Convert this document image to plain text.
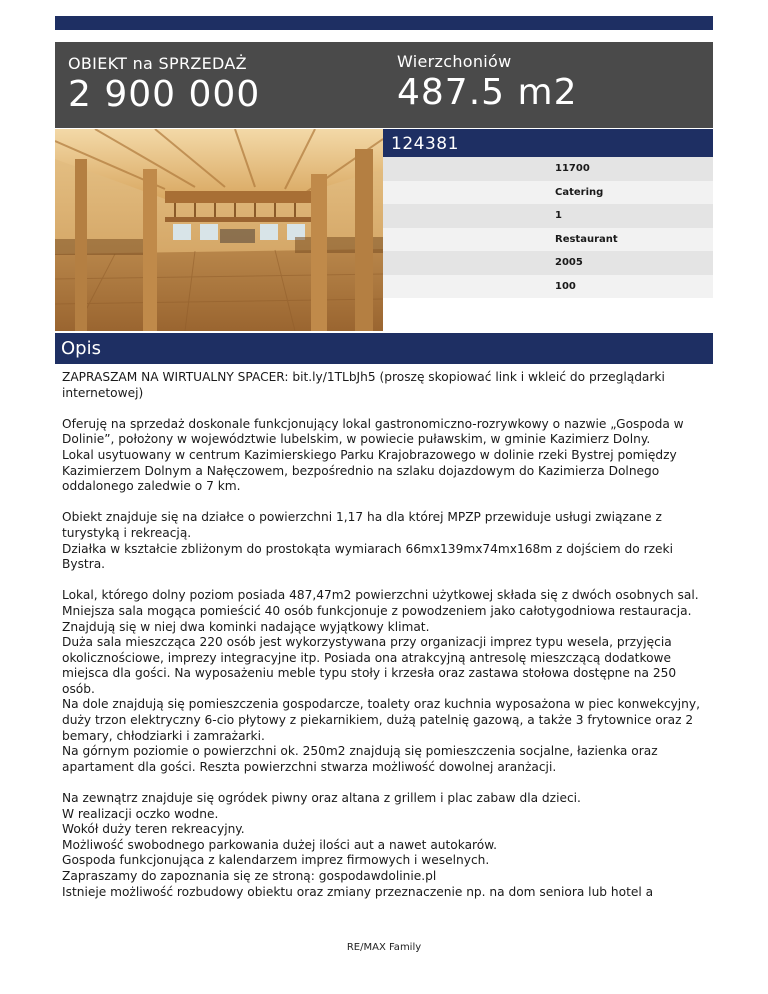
OBIEKT na SPRZEDAŻ
2 900 000
Wierzchoniów
487.5 m2
124381
11700
Catering
1
Restaurant
2005
100
Opis

ZAPRASZAM NA WIRTUALNY SPACER: bit.ly/1TLbJh5 (proszę skopiować link i wkleić do przeglądarki internetowej)

Oferuję na sprzedaż doskonale funkcjonujący lokal gastronomiczno-rozrywkowy o nazwie „Gospoda w Dolinie”, położony w województwie lubelskim, w powiecie puławskim, w gminie Kazimierz Dolny.
Lokal usytuowany w centrum Kazimierskiego Parku Krajobrazowego w dolinie rzeki Bystrej pomiędzy Kazimierzem Dolnym a Nałęczowem, bezpośrednio na szlaku dojazdowym do Kazimierza Dolnego oddalonego zaledwie o 7 km.

Obiekt znajduje się na działce o powierzchni 1,17 ha dla której MPZP przewiduje usługi związane z turystyką i rekreacją.
Działka w kształcie zbliżonym do prostokąta wymiarach 66mx139mx74mx168m z dojściem do rzeki Bystra.

Lokal, którego dolny poziom posiada 487,47m2 powierzchni użytkowej składa się z dwóch osobnych sal.
Mniejsza sala mogąca pomieścić 40 osób funkcjonuje z powodzeniem jako całotygodniowa restauracja. Znajdują się w niej dwa kominki nadające wyjątkowy klimat.
Duża sala mieszcząca 220 osób jest wykorzystywana przy organizacji imprez typu wesela, przyjęcia okolicznościowe, imprezy integracyjne itp. Posiada ona atrakcyjną antresolę mieszczącą dodatkowe miejsca dla gości. Na wyposażeniu meble typu stoły i krzesła oraz zastawa stołowa dostępne na 250 osób.
Na dole znajdują się pomieszczenia gospodarcze, toalety oraz kuchnia wyposażona w piec konwekcyjny, duży trzon elektryczny 6-cio płytowy z piekarnikiem, dużą patelnię gazową, a także 3 frytownice oraz 2 bemary, chłodziarki i zamrażarki.
Na górnym poziomie o powierzchni ok. 250m2 znajdują się pomieszczenia socjalne, łazienka oraz apartament dla gości. Reszta powierzchni stwarza możliwość dowolnej aranżacji.

Na zewnątrz znajduje się ogródek piwny oraz altana z grillem i plac zabaw dla dzieci.
W realizacji oczko wodne.
Wokół duży teren rekreacyjny.
Możliwość swobodnego parkowania dużej ilości aut a nawet autokarów.
Gospoda funkcjonująca z kalendarzem imprez firmowych i weselnych.
Zapraszamy do zapoznania się ze stroną: gospodawdolinie.pl
Istnieje możliwość rozbudowy obiektu oraz zmiany przeznaczenie np. na dom seniora lub hotel a

RE/MAX Family
